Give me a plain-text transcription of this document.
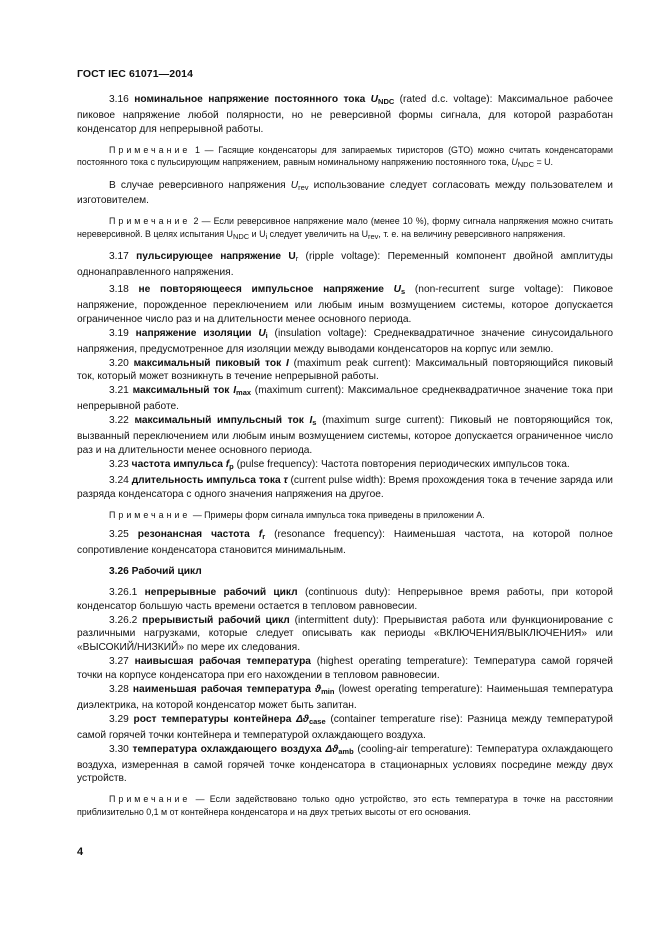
ГОСТ IEC 61071—2014

3.16 номинальное напряжение постоянного тока $U_{NDC}$ (rated d.c. voltage): Максимальное рабочее пиковое напряжение любой полярности, но не реверсивной формы сигнала, для которой разработан конденсатор для непрерывной работы.

Примечание 1 — Гасящие конденсаторы для запираемых тиристоров (GTO) можно считать конденсаторами постоянного тока с пульсирующим напряжением, равным номинальному напряжению постоянного тока, $U_{NDC} = U$.

В случае реверсивного напряжения $U_{rev}$ использование следует согласовать между пользователем и изготовителем.

Примечание 2 — Если реверсивное напряжение мало (менее 10 %), форму сигнала напряжения можно считать нереверсивной. В целях испытания $U_{NDC}$ и $U_i$ следует увеличить на $U_{rev}$, т. е. на величину реверсивного напряжения.

3.17 пульсирующее напряжение $U_r$ (ripple voltage): Переменный компонент двойной амплитуды однонаправленного напряжения.

3.18 не повторяющееся импульсное напряжение $U_s$ (non-recurrent surge voltage): Пиковое напряжение, порожденное переключением или любым иным возмущением системы, которое допускается ограниченное число раз и на длительности менее основного периода.

3.19 напряжение изоляции $U_i$ (insulation voltage): Среднеквадратичное значение синусоидального напряжения, предусмотренное для изоляции между выводами конденсаторов на корпус или землю.

3.20 максимальный пиковый ток I (maximum peak current): Максимальный повторяющийся пиковый ток, который может возникнуть в течение непрерывной работы.

3.21 максимальный ток $I_{max}$ (maximum current): Максимальное среднеквадратичное значение тока при непрерывной работе.

3.22 максимальный импульсный ток $I_s$ (maximum surge current): Пиковый не повторяющийся ток, вызванный переключением или любым иным возмущением системы, которое допускается ограниченное число раз и на длительности менее основного периода.

3.23 частота импульса $f_p$ (pulse frequency): Частота повторения периодических импульсов тока.

3.24 длительность импульса тока τ (current pulse width): Время прохождения тока в течение заряда или разряда конденсатора с одного значения напряжения на другое.

Примечание — Примеры форм сигнала импульса тока приведены в приложении А.

3.25 резонансная частота $f_r$ (resonance frequency): Наименьшая частота, на которой полное сопротивление конденсатора становится минимальным.

3.26 Рабочий цикл

3.26.1 непрерывные рабочий цикл (continuous duty): Непрерывное время работы, при которой конденсатор большую часть времени остается в тепловом равновесии.

3.26.2 прерывистый рабочий цикл (intermittent duty): Прерывистая работа или функционирование с различными нагрузками, которые следует описывать как периоды «ВКЛЮЧЕНИЯ/ВЫКЛЮЧЕНИЯ» или «ВЫСОКИЙ/НИЗКИЙ» по мере их следования.

3.27 наивысшая рабочая температура (highest operating temperature): Температура самой горячей точки на корпусе конденсатора при его нахождении в тепловом равновесии.

3.28 наименьшая рабочая температура $ϑ_{min}$ (lowest operating temperature): Наименьшая температура диэлектрика, на которой конденсатор может быть запитан.

3.29 рост температуры контейнера $\Delta ϑ_{case}$ (container temperature rise): Разница между температурой самой горячей точки контейнера и температурой охлаждающего воздуха.

3.30 температура охлаждающего воздуха $\Delta ϑ_{amb}$ (cooling-air temperature): Температура охлаждающего воздуха, измеренная в самой горячей точке конденсатора в стационарных условиях посредине между двух устройств.

Примечание — Если задействовано только одно устройство, это есть температура в точке на расстоянии приблизительно 0,1 м от контейнера конденсатора и на двух третьих высоты от его основания.

4
